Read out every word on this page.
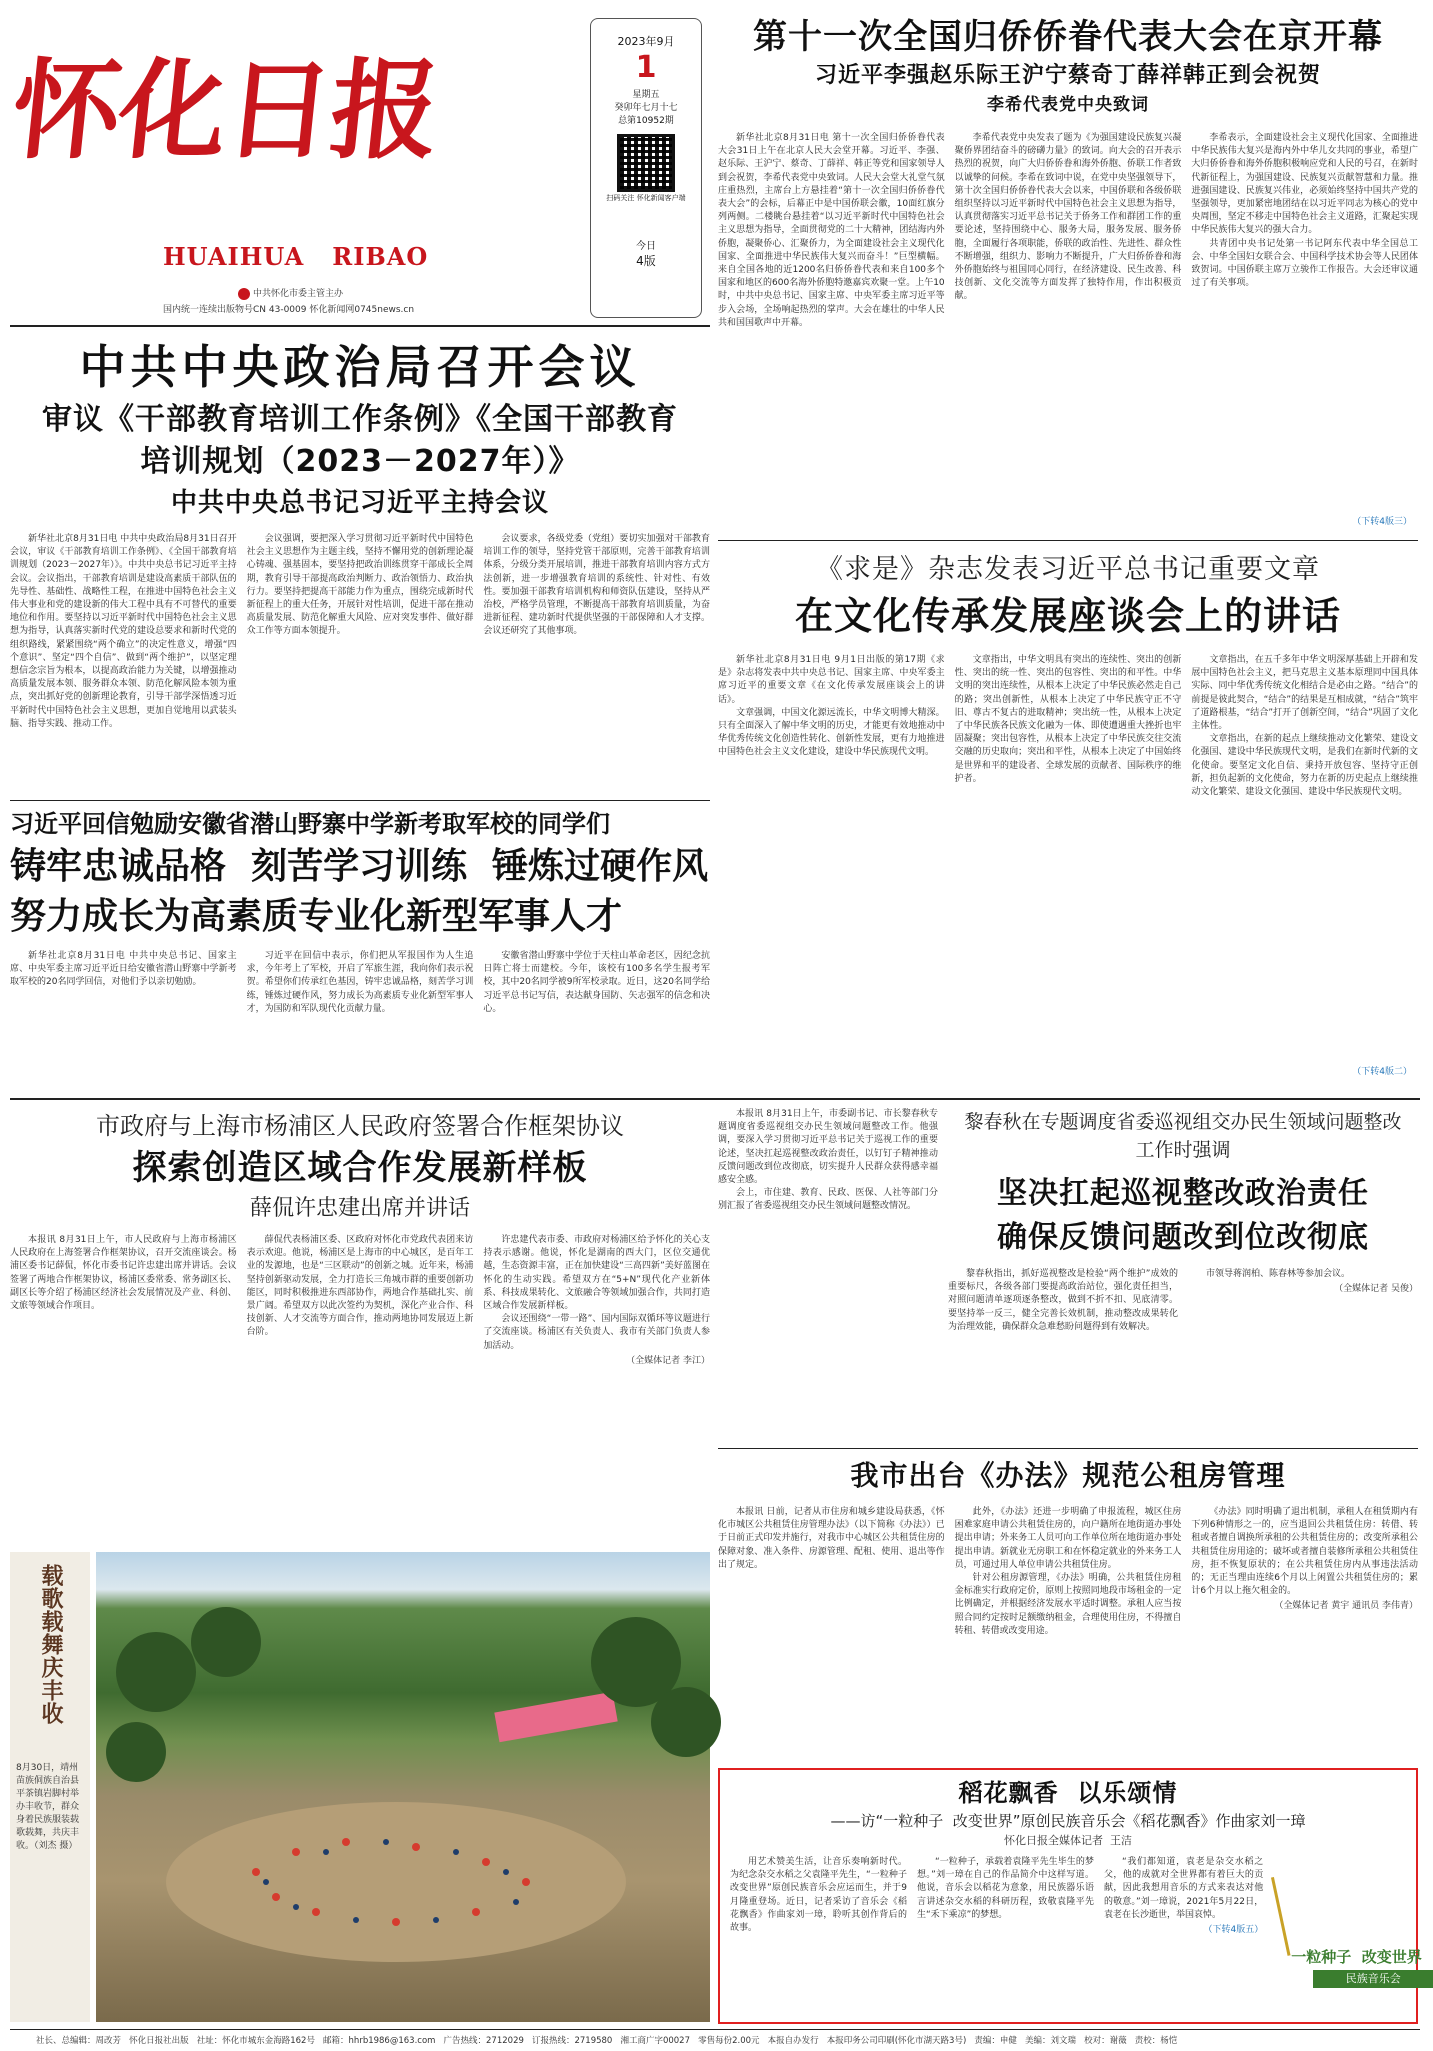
怀化日报
HUAIHUA   RIBAO
中共怀化市委主管主办
国内统一连续出版物号CN 43-0009 怀化新闻网0745news.cn
2023年9月
1
星期五
癸卯年七月十七
总第10952期
扫码关注 怀化新闻客户端
今日
4版
第十一次全国归侨侨眷代表大会在京开幕
习近平李强赵乐际王沪宁蔡奇丁薛祥韩正到会祝贺
李希代表党中央致词

新华社北京8月31日电 第十一次全国归侨侨眷代表大会31日上午在北京人民大会堂开幕。习近平、李强、赵乐际、王沪宁、蔡奇、丁薛祥、韩正等党和国家领导人到会祝贺，李希代表党中央致词。人民大会堂大礼堂气氛庄重热烈，主席台上方悬挂着“第十一次全国归侨侨眷代表大会”的会标，后幕正中是中国侨联会徽，10面红旗分列两侧。二楼眺台悬挂着“以习近平新时代中国特色社会主义思想为指导，全面贯彻党的二十大精神，团结海内外侨胞，凝聚侨心、汇聚侨力，为全面建设社会主义现代化国家、全面推进中华民族伟大复兴而奋斗！”巨型横幅。来自全国各地的近1200名归侨侨眷代表和来自100多个国家和地区的600名海外侨胞特邀嘉宾欢聚一堂。上午10时，中共中央总书记、国家主席、中央军委主席习近平等步入会场，全场响起热烈的掌声。大会在雄壮的中华人民共和国国歌声中开幕。

李希代表党中央发表了题为《为强国建设民族复兴凝聚侨界团结奋斗的磅礴力量》的致词。向大会的召开表示热烈的祝贺，向广大归侨侨眷和海外侨胞、侨联工作者致以诚挚的问候。李希在致词中说，在党中央坚强领导下，第十次全国归侨侨眷代表大会以来，中国侨联和各级侨联组织坚持以习近平新时代中国特色社会主义思想为指导，认真贯彻落实习近平总书记关于侨务工作和群团工作的重要论述，坚持围绕中心、服务大局，服务发展、服务侨胞，全面履行各项职能，侨联的政治性、先进性、群众性不断增强，组织力、影响力不断提升，广大归侨侨眷和海外侨胞始终与祖国同心同行，在经济建设、民生改善、科技创新、文化交流等方面发挥了独特作用，作出积极贡献。

李希表示，全面建设社会主义现代化国家、全面推进中华民族伟大复兴是海内外中华儿女共同的事业，希望广大归侨侨眷和海外侨胞积极响应党和人民的号召，在新时代新征程上，为强国建设、民族复兴贡献智慧和力量。推进强国建设、民族复兴伟业，必须始终坚持中国共产党的坚强领导，更加紧密地团结在以习近平同志为核心的党中央周围，坚定不移走中国特色社会主义道路，汇聚起实现中华民族伟大复兴的强大合力。

共青团中央书记处第一书记阿东代表中华全国总工会、中华全国妇女联合会、中国科学技术协会等人民团体致贺词。中国侨联主席万立骏作工作报告。大会还审议通过了有关事项。

（下转4版三）
中共中央政治局召开会议
审议《干部教育培训工作条例》《全国干部教育培训规划（2023－2027年）》
中共中央总书记习近平主持会议

新华社北京8月31日电 中共中央政治局8月31日召开会议，审议《干部教育培训工作条例》、《全国干部教育培训规划（2023－2027年）》。中共中央总书记习近平主持会议。会议指出，干部教育培训是建设高素质干部队伍的先导性、基础性、战略性工程，在推进中国特色社会主义伟大事业和党的建设新的伟大工程中具有不可替代的重要地位和作用。要坚持以习近平新时代中国特色社会主义思想为指导，认真落实新时代党的建设总要求和新时代党的组织路线，紧紧围绕“两个确立”的决定性意义，增强“四个意识”、坚定“四个自信”、做到“两个维护”，以坚定理想信念宗旨为根本，以提高政治能力为关键，以增强推动高质量发展本领、服务群众本领、防范化解风险本领为重点，突出抓好党的创新理论教育，引导干部学深悟透习近平新时代中国特色社会主义思想，更加自觉地用以武装头脑、指导实践、推动工作。

会议强调，要把深入学习贯彻习近平新时代中国特色社会主义思想作为主题主线，坚持不懈用党的创新理论凝心铸魂、强基固本，要坚持把政治训练贯穿干部成长全周期，教育引导干部提高政治判断力、政治领悟力、政治执行力。要坚持把提高干部能力作为重点，围绕完成新时代新征程上的重大任务，开展针对性培训，促进干部在推动高质量发展、防范化解重大风险、应对突发事件、做好群众工作等方面本领提升。

会议要求，各级党委（党组）要切实加强对干部教育培训工作的领导，坚持党管干部原则，完善干部教育培训体系，分级分类开展培训，推进干部教育培训内容方式方法创新，进一步增强教育培训的系统性、针对性、有效性。要加强干部教育培训机构和师资队伍建设，坚持从严治校，严格学员管理，不断提高干部教育培训质量，为奋进新征程、建功新时代提供坚强的干部保障和人才支撑。会议还研究了其他事项。

《求是》杂志发表习近平总书记重要文章
在文化传承发展座谈会上的讲话

新华社北京8月31日电 9月1日出版的第17期《求是》杂志将发表中共中央总书记、国家主席、中央军委主席习近平的重要文章《在文化传承发展座谈会上的讲话》。

文章强调，中国文化源远流长，中华文明博大精深。只有全面深入了解中华文明的历史，才能更有效地推动中华优秀传统文化创造性转化、创新性发展，更有力地推进中国特色社会主义文化建设，建设中华民族现代文明。

文章指出，中华文明具有突出的连续性、突出的创新性、突出的统一性、突出的包容性、突出的和平性。中华文明的突出连续性，从根本上决定了中华民族必然走自己的路；突出创新性，从根本上决定了中华民族守正不守旧、尊古不复古的进取精神；突出统一性，从根本上决定了中华民族各民族文化融为一体、即使遭遇重大挫折也牢固凝聚；突出包容性，从根本上决定了中华民族交往交流交融的历史取向；突出和平性，从根本上决定了中国始终是世界和平的建设者、全球发展的贡献者、国际秩序的维护者。

文章指出，在五千多年中华文明深厚基础上开辟和发展中国特色社会主义，把马克思主义基本原理同中国具体实际、同中华优秀传统文化相结合是必由之路。“结合”的前提是彼此契合，“结合”的结果是互相成就，“结合”筑牢了道路根基，“结合”打开了创新空间，“结合”巩固了文化主体性。

文章指出，在新的起点上继续推动文化繁荣、建设文化强国、建设中华民族现代文明，是我们在新时代新的文化使命。要坚定文化自信、秉持开放包容、坚持守正创新，担负起新的文化使命，努力在新的历史起点上继续推动文化繁荣、建设文化强国、建设中华民族现代文明。

（下转4版二）
习近平回信勉励安徽省潜山野寨中学新考取军校的同学们
铸牢忠诚品格  刻苦学习训练  锤炼过硬作风
努力成长为高素质专业化新型军事人才

新华社北京8月31日电 中共中央总书记、国家主席、中央军委主席习近平近日给安徽省潜山野寨中学新考取军校的20名同学回信，对他们予以亲切勉励。

习近平在回信中表示，你们把从军报国作为人生追求，今年考上了军校，开启了军旅生涯，我向你们表示祝贺。希望你们传承红色基因，铸牢忠诚品格，刻苦学习训练，锤炼过硬作风，努力成长为高素质专业化新型军事人才，为国防和军队现代化贡献力量。

安徽省潜山野寨中学位于天柱山革命老区，因纪念抗日阵亡将士而建校。今年，该校有100多名学生报考军校，其中20名同学被9所军校录取。近日，这20名同学给习近平总书记写信，表达献身国防、矢志强军的信念和决心。

市政府与上海市杨浦区人民政府签署合作框架协议
探索创造区域合作发展新样板
薛侃许忠建出席并讲话

本报讯 8月31日上午，市人民政府与上海市杨浦区人民政府在上海签署合作框架协议，召开交流座谈会。杨浦区委书记薛侃，怀化市委书记许忠建出席并讲话。会议签署了两地合作框架协议，杨浦区委常委、常务副区长、副区长等介绍了杨浦区经济社会发展情况及产业、科创、文旅等领域合作项目。

薛侃代表杨浦区委、区政府对怀化市党政代表团来访表示欢迎。他说，杨浦区是上海市的中心城区，是百年工业的发源地，也是“三区联动”的创新之城。近年来，杨浦坚持创新驱动发展，全力打造长三角城市群的重要创新功能区，同时积极推进东西部协作，两地合作基础扎实、前景广阔。希望双方以此次签约为契机，深化产业合作、科技创新、人才交流等方面合作，推动两地协同发展迈上新台阶。

许忠建代表市委、市政府对杨浦区给予怀化的关心支持表示感谢。他说，怀化是湖南的西大门，区位交通优越，生态资源丰富，正在加快建设“三高四新”美好蓝图在怀化的生动实践。希望双方在“5+N”现代化产业新体系、科技成果转化、文旅融合等领域加强合作，共同打造区域合作发展新样板。

会议还围绕“一带一路”、国内国际双循环等议题进行了交流座谈。杨浦区有关负责人、我市有关部门负责人参加活动。

（全媒体记者 李江）

本报讯 8月31日上午，市委副书记、市长黎春秋专题调度省委巡视组交办民生领域问题整改工作。他强调，要深入学习贯彻习近平总书记关于巡视工作的重要论述，坚决扛起巡视整改政治责任，以钉钉子精神推动反馈问题改到位改彻底，切实提升人民群众获得感幸福感安全感。

会上，市住建、教育、民政、医保、人社等部门分别汇报了省委巡视组交办民生领域问题整改情况。

黎春秋在专题调度省委巡视组交办民生领域问题整改工作时强调
坚决扛起巡视整改政治责任
确保反馈问题改到位改彻底

黎春秋指出，抓好巡视整改是检验“两个维护”成效的重要标尺，各级各部门要提高政治站位，强化责任担当，对照问题清单逐项逐条整改，做到不折不扣、见底清零。要坚持举一反三，健全完善长效机制，推动整改成果转化为治理效能，确保群众急难愁盼问题得到有效解决。

市领导蒋润柏、陈春林等参加会议。

（全媒体记者 吴俊）
我市出台《办法》规范公租房管理

本报讯 日前，记者从市住房和城乡建设局获悉，《怀化市城区公共租赁住房管理办法》（以下简称《办法》）已于日前正式印发并施行，对我市中心城区公共租赁住房的保障对象、准入条件、房源管理、配租、使用、退出等作出了规定。

此外，《办法》还进一步明确了申报流程，城区住房困难家庭申请公共租赁住房的，向户籍所在地街道办事处提出申请；外来务工人员可向工作单位所在地街道办事处提出申请。新就业无房职工和在怀稳定就业的外来务工人员，可通过用人单位申请公共租赁住房。

针对公租房源管理，《办法》明确，公共租赁住房租金标准实行政府定价，原则上按照同地段市场租金的一定比例确定，并根据经济发展水平适时调整。承租人应当按照合同约定按时足额缴纳租金，合理使用住房，不得擅自转租、转借或改变用途。

《办法》同时明确了退出机制，承租人在租赁期内有下列6种情形之一的，应当退回公共租赁住房：转借、转租或者擅自调换所承租的公共租赁住房的；改变所承租公共租赁住房用途的；破坏或者擅自装修所承租公共租赁住房，拒不恢复原状的；在公共租赁住房内从事违法活动的；无正当理由连续6个月以上闲置公共租赁住房的；累计6个月以上拖欠租金的。

（全媒体记者 黄宇 通讯员 李伟青）
载歌载舞庆丰收

8月30日，靖州苗族侗族自治县平茶镇岩脚村举办丰收节，群众身着民族服装载歌载舞，共庆丰收。（刘杰 摄）

稻花飘香  以乐颂情
——访“一粒种子  改变世界”原创民族音乐会《稻花飘香》作曲家刘一璋
怀化日报全媒体记者  王洁

用艺术赞美生活，让音乐奏响新时代。为纪念杂交水稻之父袁隆平先生，“一粒种子 改变世界”原创民族音乐会应运而生，并于9月隆重登场。近日，记者采访了音乐会《稻花飘香》作曲家刘一璋，聆听其创作背后的故事。

“一粒种子，承载着袁隆平先生毕生的梦想。”刘一璋在自己的作品简介中这样写道。他说，音乐会以稻花为意象，用民族器乐语言讲述杂交水稻的科研历程，致敬袁隆平先生“禾下乘凉”的梦想。

“我们都知道，袁老是杂交水稻之父，他的成就对全世界都有着巨大的贡献，因此我想用音乐的方式来表达对他的敬意。”刘一璋说，2021年5月22日，袁老在长沙逝世，举国哀悼。

（下转4版五）
一粒种子  改变世界
民族音乐会
社长、总编辑：周改芳   怀化日报社出版   社址：怀化市城东金海路162号   邮箱：hhrb1986@163.com   广告热线：2712029   订报热线：2719580   湘工商广字00027   零售每份2.00元   本报自办发行   本报印务公司印刷(怀化市湖天路3号)   责编：申健   美编：刘文瑞   校对：谢薇   责校：杨恺
